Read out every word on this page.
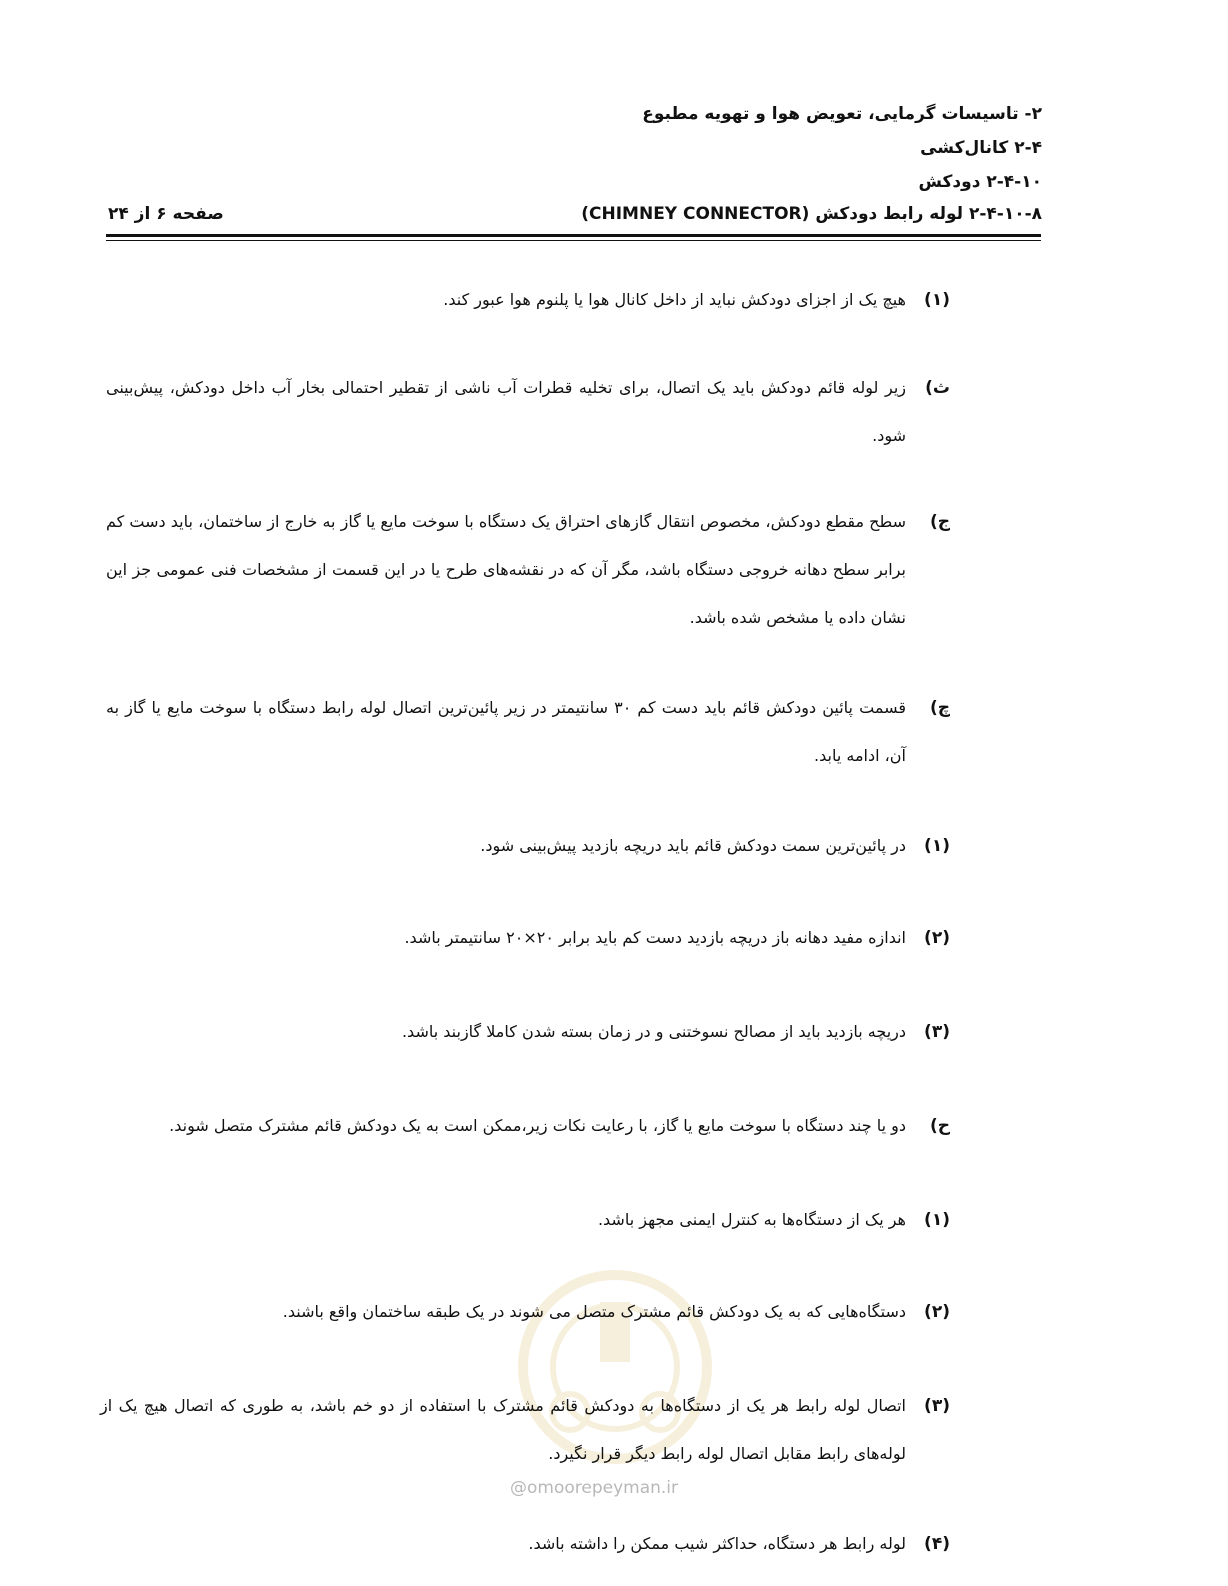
۲- تاسیسات گرمایی، تعویض هوا و تهویه مطبوع
۲-۴ کانال‌کشی
۲-۴-۱۰ دودکش
۲-۴-۱۰-۸ لوله رابط دودکش (CHIMNEY CONNECTOR)
صفحه ۶ از ۲۴
@omoorepeyman.ir
(۱)
هیچ یک از اجزای دودکش نباید از داخل کانال هوا یا پلنوم هوا عبور کند.
ث)
زیر لوله قائم دودکش باید یک اتصال، برای تخلیه قطرات آب ناشی از تقطیر احتمالی بخار آب داخل دودکش، پیش‌بینی شود.
ج)
سطح مقطع دودکش، مخصوص انتقال گازهای احتراق یک دستگاه با سوخت مایع یا گاز به خارج از ساختمان، باید دست کم برابر سطح دهانه خروجی دستگاه باشد، مگر آن که در نقشه‌های طرح یا در این قسمت از مشخصات فنی عمومی جز این نشان داده یا مشخص شده باشد.
چ)
قسمت پائین دودکش قائم باید دست کم ۳۰ سانتیمتر در زیر پائین‌ترین اتصال لوله رابط دستگاه با سوخت مایع یا گاز به آن، ادامه یابد.
(۱)
در پائین‌ترین سمت دودکش قائم باید دریچه بازدید پیش‌بینی شود.
(۲)
اندازه مفید دهانه باز دریچه بازدید دست کم باید برابر ۲۰×۲۰ سانتیمتر باشد.
(۳)
دریچه بازدید باید از مصالح نسوختنی و در زمان بسته شدن کاملا گازبند باشد.
ح)
دو یا چند دستگاه با سوخت مایع یا گاز، با رعایت نکات زیر،ممکن است به یک دودکش قائم مشترک متصل شوند.
(۱)
هر یک از دستگاه‌ها به کنترل ایمنی مجهز باشد.
(۲)
دستگاه‌هایی که به یک دودکش قائم مشترک متصل می شوند در یک طبقه ساختمان واقع باشند.
(۳)
اتصال لوله رابط هر یک از دستگاه‌ها به دودکش قائم مشترک با استفاده از دو خم باشد، به طوری که اتصال هیچ یک از لوله‌های رابط مقابل اتصال لوله رابط دیگر قرار نگیرد.
(۴)
لوله رابط هر دستگاه، حداکثر شیب ممکن را داشته باشد.
